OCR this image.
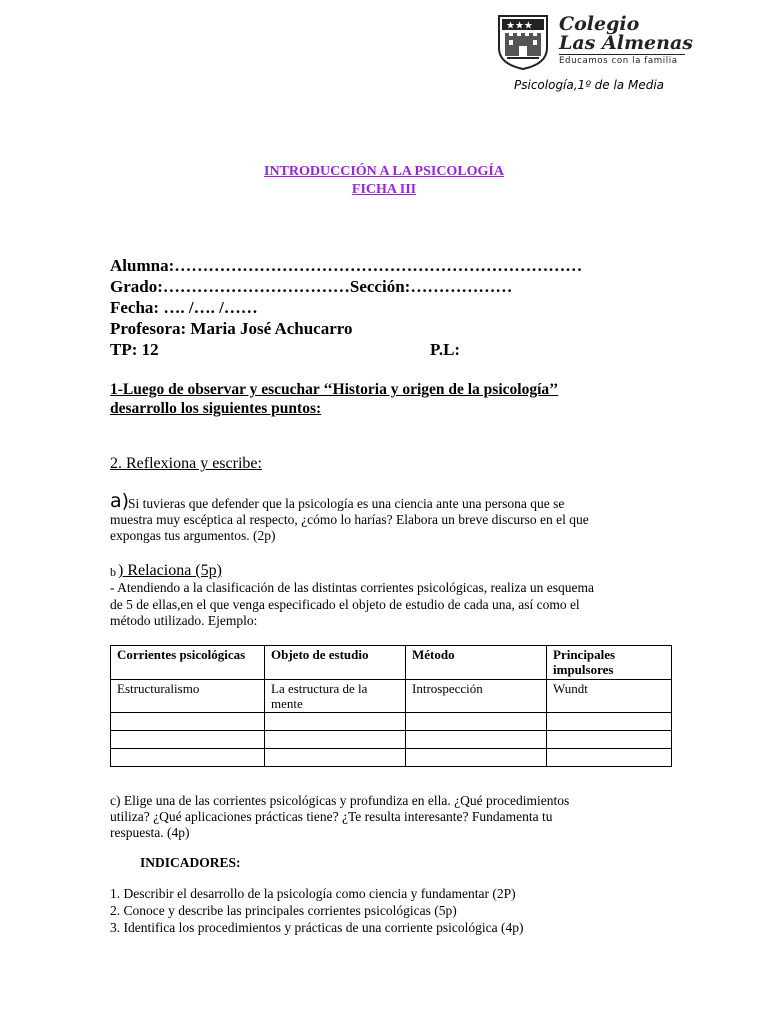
★★★ Colegio
Las Almenas
Educamos con la familia
Psicología,1º de la Media
INTRODUCCIÓN A LA PSICOLOGÍA
FICHA III
Alumna:………………………………………………………………
Grado:……………………………Sección:………………
Fecha: …. /…. /……
Profesora: Maria José Achucarro
TP: 12	P.L:
1-Luego de observar y escuchar ‘‘Historia y origen de la psicología’’
desarrollo los siguientes puntos:
2. Reflexiona y escribe:
a)
Si tuvieras que defender que la psicología es una ciencia ante una persona que se
muestra muy escéptica al respecto, ¿cómo lo harías? Elabora un breve discurso en el que
expongas tus argumentos. (2p)
b ) Relaciona (5p)
- Atendiendo a la clasificación de las distintas corrientes psicológicas, realiza un esquema
de 5 de ellas,en el que venga especificado el objeto de estudio de cada una, así como el
método utilizado. Ejemplo:
Corrientes psicológicas	Objeto de estudio	Método	Principales impulsores
Estructuralismo	La estructura de la mente	Introspección	Wundt

c) Elige una de las corrientes psicológicas y profundiza en ella. ¿Qué procedimientos
utiliza? ¿Qué aplicaciones prácticas tiene? ¿Te resulta interesante? Fundamenta tu
respuesta. (4p)
INDICADORES:
1. Describir el desarrollo de la psicología como ciencia y fundamentar (2P)
2. Conoce y describe las principales corrientes psicológicas (5p)
3. Identifica los procedimientos y prácticas de una corriente psicológica (4p)
